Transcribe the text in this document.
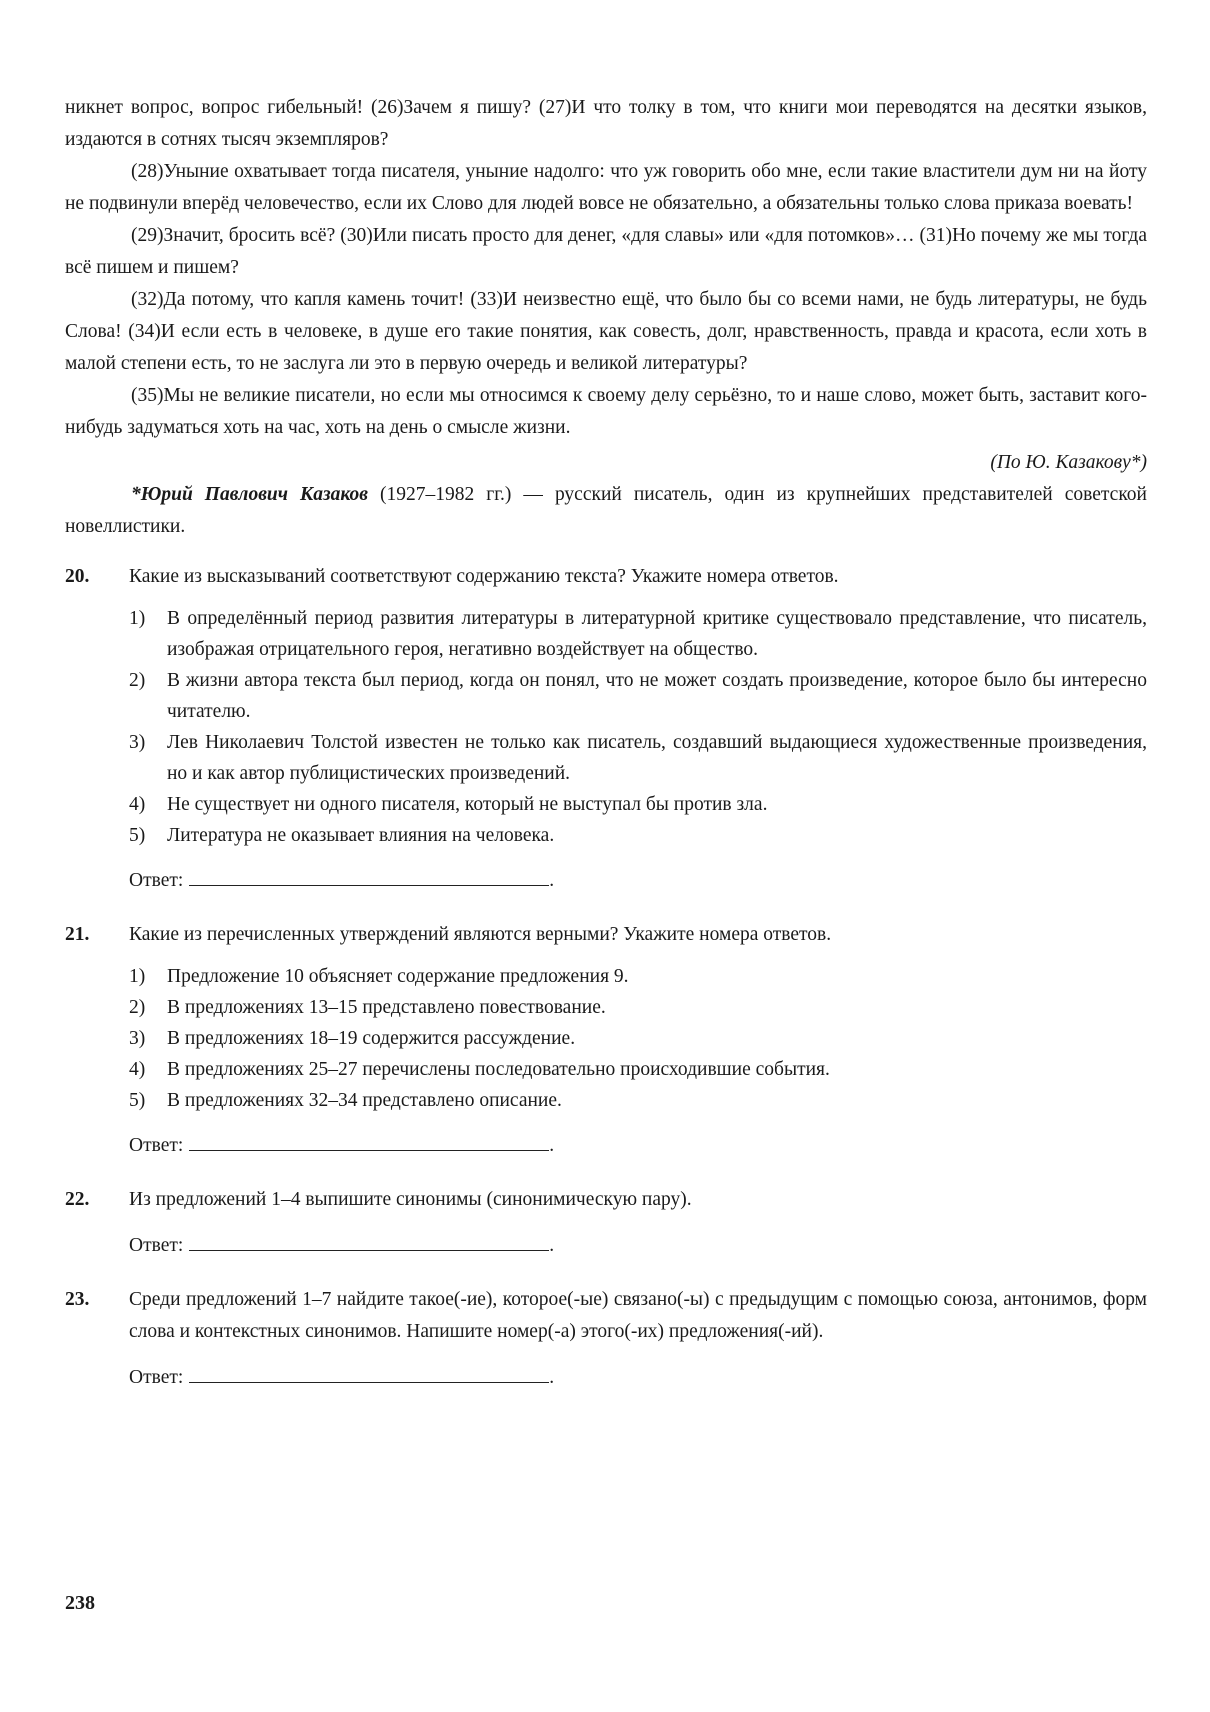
никнет вопрос, вопрос гибельный! (26)Зачем я пишу? (27)И что толку в том, что книги мои переводятся на десятки языков, издаются в сотнях тысяч экземпляров?

(28)Уныние охватывает тогда писателя, уныние надолго: что уж говорить обо мне, если такие властители дум ни на йоту не подвинули вперёд человечество, если их Слово для людей вовсе не обязательно, а обязательны только слова приказа воевать!

(29)Значит, бросить всё? (30)Или писать просто для денег, «для славы» или «для потомков»… (31)Но почему же мы тогда всё пишем и пишем?

(32)Да потому, что капля камень точит! (33)И неизвестно ещё, что было бы со всеми нами, не будь литературы, не будь Слова! (34)И если есть в человеке, в душе его такие понятия, как совесть, долг, нравственность, правда и красота, если хоть в малой степени есть, то не заслуга ли это в первую очередь и великой литературы?

(35)Мы не великие писатели, но если мы относимся к своему делу серьёзно, то и наше слово, может быть, заставит кого-нибудь задуматься хоть на час, хоть на день о смысле жизни.

(По Ю. Казакову*)

*Юрий Павлович Казаков (1927–1982 гг.) — русский писатель, один из крупнейших представителей советской новеллистики.

20.	Какие из высказываний соответствуют содержанию текста? Укажите номера ответов.
1)	В определённый период развития литературы в литературной критике существовало представление, что писатель, изображая отрицательного героя, негативно воздействует на общество.
2)	В жизни автора текста был период, когда он понял, что не может создать произведение, которое было бы интересно читателю.
3)	Лев Николаевич Толстой известен не только как писатель, создавший выдающиеся художественные произведения, но и как автор публицистических произведений.
4)	Не существует ни одного писателя, который не выступал бы против зла.
5)	Литература не оказывает влияния на человека.
Ответ:	.
21.	Какие из перечисленных утверждений являются верными? Укажите номера ответов.
1)	Предложение 10 объясняет содержание предложения 9.
2)	В предложениях 13–15 представлено повествование.
3)	В предложениях 18–19 содержится рассуждение.
4)	В предложениях 25–27 перечислены последовательно происходившие события.
5)	В предложениях 32–34 представлено описание.
Ответ:	.
22.	Из предложений 1–4 выпишите синонимы (синонимическую пару).
Ответ:	.
23.	Среди предложений 1–7 найдите такое(-ие), которое(-ые) связано(-ы) с предыдущим с помощью союза, антонимов, форм слова и контекстных синонимов. Напишите номер(-а) этого(-их) предложения(-ий).
Ответ:	.
238
